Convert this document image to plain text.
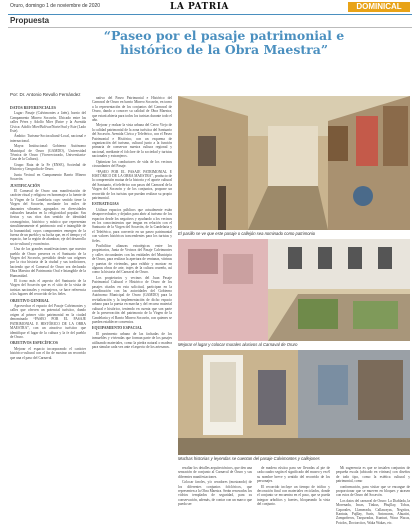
Oruro, domingo 1 de noviembre de 2020	LA PATRIA	DOMINICAL
Propuesta
“Paseo por el pasaje patrimonial e histórico de la Obra Maestra”
Por: Dr. Antonio Revollo Fernández

DATOS REFERENCIALES

Lugar: Pasaje (Calvimontes a Jaén), barrio del Campamento Minero Socavón. Ubicado entre las calles Pérez y Adolfo Mier (Entre y la Avenida Cívica: Adolfo Mier/Bolívar/Norte/Sud y Este (Lado Este).

Ámbito: Turismo-Sociocultural-Local, nacional e internacional.

Mayor. Institucional: Gobierno Autónomo Municipal de Oruro (GAMDO), Universidad Técnica de Oruro (Vicerrectorado, Universitaria-Casa de la Cultura).

Grupo: Ruta de la Fe (ENSE), Sociedad de Historia y Geografía de Oruro.

Junta Vecinal en Campamento Barrio Minero Socavón.

JUSTIFICACIÓN

El Carnaval de Oruro una manifestación de carácter ritual y religioso en homenaje a la fuente de la Virgen de la Candelaria cuyo sentido tiene la Virgen del Socavón, mediante los miles de danzantes vibrantes agrupados en diversidades culturales basados en la religiosidad popular. Sus fiestas y sus ritos dan sentido de identidad cosmogónico, histórico y místico que representan simultáneamente el patrimonio oral e intangible de la humanidad, cuyos componentes emergen de la fuerza de un pueblo y su lucha que, en el tiempo y el espacio, fue la región de alumbrar, eje del desarrollo socio-cultural y económico.

Una de las grandes manifestaciones que nuestro pueblo de Oruro preserva es el Santuario de la Virgen del Socavón, presidido desde sus orígenes por la rica historia de la ciudad y sus tradiciones, haciendo que el Carnaval de Oruro sea declarado Obra Maestra del Patrimonio Oral e Intangible de la Humanidad.

El ícono más el aspecto del Santuario de la Virgen del Socavón que es el sitio de la visita de turistas nacionales y extranjeros, se hace referencia a los lugares del recorrido de los fieles.

OBJETIVO GENERAL

Aprovechar el espacio del Pasaje Calvimontes y calles que ofrecen un potencial turístico, dando origen al primer sitio patrimonial en la ciudad denominado “PASEO POR EL PASAJE PATRIMONIAL E HISTÓRICO DE LA OBRA MAESTRA”, con un atractivo turístico que identifique el lugar de la cultura y la fe del pueblo de Oruro.

OBJETIVOS ESPECÍFICOS

Mejorar el espacio incorporando el carácter histórico-cultural con el fin de mostrar un recorrido que una el paso del Carnaval.

nativo del Paseo Patrimonial e Histórico del Carnaval de Oruro en barrio Minero Socavón, en torno a la representación de los conjuntos del Carnaval de Oruro, dando a conocer su calidad de Obra Maestra, que estará abierta para todos los turistas durante todo el año.

Mejorar y realzar la vista urbana del Cerro Viejo de la calidad patrimonial de la zona turística del Santuario del Socavón. Avenida Cívica y Teleférico, con el Paseo Patrimonial e Histórico, con un esquema de organización del turismo, cultural junto a la función primaria de conservar nuestra cultura regional y nacional, mediante el folclore de la sociedad y turistas nacionales y extranjeros.

Optimizar los conductores de vida de los vecinos circundantes del Pasaje.

“PASEO POR EL PASAJE PATRIMONIAL E HISTÓRICO DE LA OBRA MAESTRA”, producto de la comprensión mutua de la historia y el aporte cultural del Santuario, el teleférico con pasos del Carnaval de la Virgen del Socavón y de los conjuntos, propone un recorrido de los turistas que puedan realizar su propio patrimonial.

ESTRATEGIAS

Utilizar espacios públicos que actualmente están desaprovechados y dejados para abrir al turismo de los espacios desde los negativos y ayudando a los vecinos en los conocimientos que tengan en relación con el Santuario de la Virgen del Socavón, de la Candelaria y el Teleférico, para convertir en un paseo patrimonial con valores históricos trascendentes para los turistas y fieles.

Posibilitar alianzas estratégicas entre los propietarios, Junta de Vecinos del Pasaje Calvimontes y calles circundantes con las entidades del Municipio de Oruro, para realizar la apertura de ventanas, vitrinas y puertas de viviendas, para exhibir y mostrar en algunas obras de arte, trajes de la cultura orureña, así como la historia del Carnaval de Oruro.

Los propietarios y vecinos del Juan Pasaje Patrimonial Cultural e Histórico de Oruro de los pasajes citados en esta solicitud, participan en la coordinación con las autoridades del Gobierno Autónomo Municipal de Oruro (GAMDO) para la revitalización y la implementación de dicho espacio urbano para la puesta en marcha y del recurso material cultural e histórico, teniendo en cuenta que son parte de la preservación del patrimonio de la Virgen de la Candelaria y el Barrio Minero Socavón, con quienes se pueden establecer convenios.

EQUIPAMIENTO ESPACIAL

El pavimento urbano de las fachadas de los inmuebles y viviendas que forman parte de los pasajes utilizando materiales, como la piedra natural o madera para simular cada vez ante el aspecto de los artesanos.

resaltar los detalles arquitectónicos, que den una sensación de conjunto al Carnaval de Oruro y sus diferentes manifestaciones.

Colocar faroles, y/o ceradores (mostrando) de los diferentes conjuntos folclóricos, que representen a la Obra Maestra. Serán renovados los vidrios templados de seguridad, para su conservación, además, de contar con un marco que pueda ser

de madera rústica para ser llevadas al pie de cada cuadro según el significado del museo y en él su nombre breve y sentido del recorrido de los personajes.

El recorrido incluye un tiempo de tráfico y decoración final con materiales reciclados, donde el conjunto se encuentra en el paso, que se pueda integrar arbolitos y fuertes, bloqueando la vista del conjunto.

Mi sugerencia es que se instalen conjuntos de pequeña escala (ubicado en vitrinas) con diseños de todo tipo, como la estética cultural y patrimonial, como

conformación, para visitar que se encargue de proporcionar que se mueven en bloques y atrasen con estos de Oruro del Socavón.

Los datos del carnaval de Oruro: La Diablada, la Morenada, Incas, Tinkus, Phujllay, Tobas, Caporales, Llamerada, Callawayas, Negritos, Kantuta, Pujllay, Suris, Antawaras, Ahuatiri, Zampoñeros, Tarqueadas, Kunturi, Waca Wacas, Potolos, Doctorcitos, Waka Wakas, etc.

El pasillo se ve que este pasaje o callejón sea nominado como patrimonio
Mejorar el lugar y colocar murales alusivos al Carnaval de Oruro
Muchas historias y leyendas se cuentan del pasaje Calvimontes y callejones
